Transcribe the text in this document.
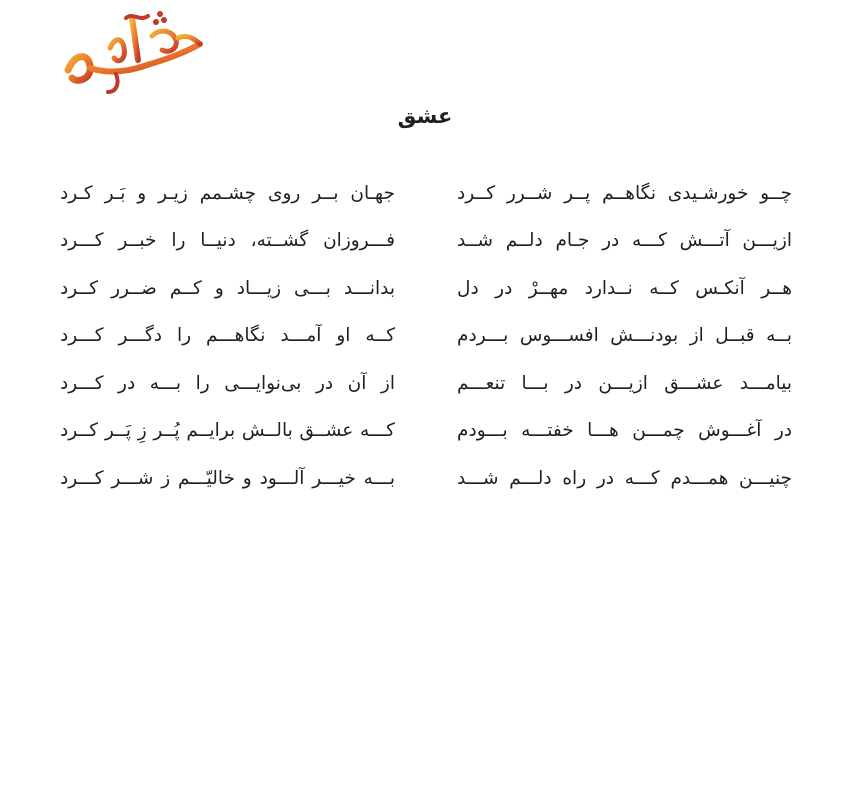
عشق
چــو خورشـیدی نگاهــم پــر شــرر کــرد
جهـان بــر روی چشـمم زیـر و بَـر کـرد
ازیـــن آتـــش کـــه در جـام دلــم شــد
فـــروزان گشــته، دنیــا را خبــر کـــرد
هــر آنکـس کــه نــدارد مهــرْ در دل
بدانـــد بـــی زیـــاد و کــم ضــرر کــرد
بــه قبــل از بودنـــش افســـوس بـــردم
کــه او آمـــد نگاهـــم را دگـــر کـــرد
بیامـــد عشـــق ازیـــن در بـــا تنعـــم
از آن در بی‌نوایـــی را بـــه در کـــرد
در آغـــوش چمـــن هـــا خفتـــه بـــودم
کـــه عشــق بالــش برایــم پُــر زِ پَــر کــرد
چنیـــن همـــدم کـــه در راه دلـــم شـــد
بـــه خیـــر آلـــود و خالیّـــم ز شـــر کـــرد
